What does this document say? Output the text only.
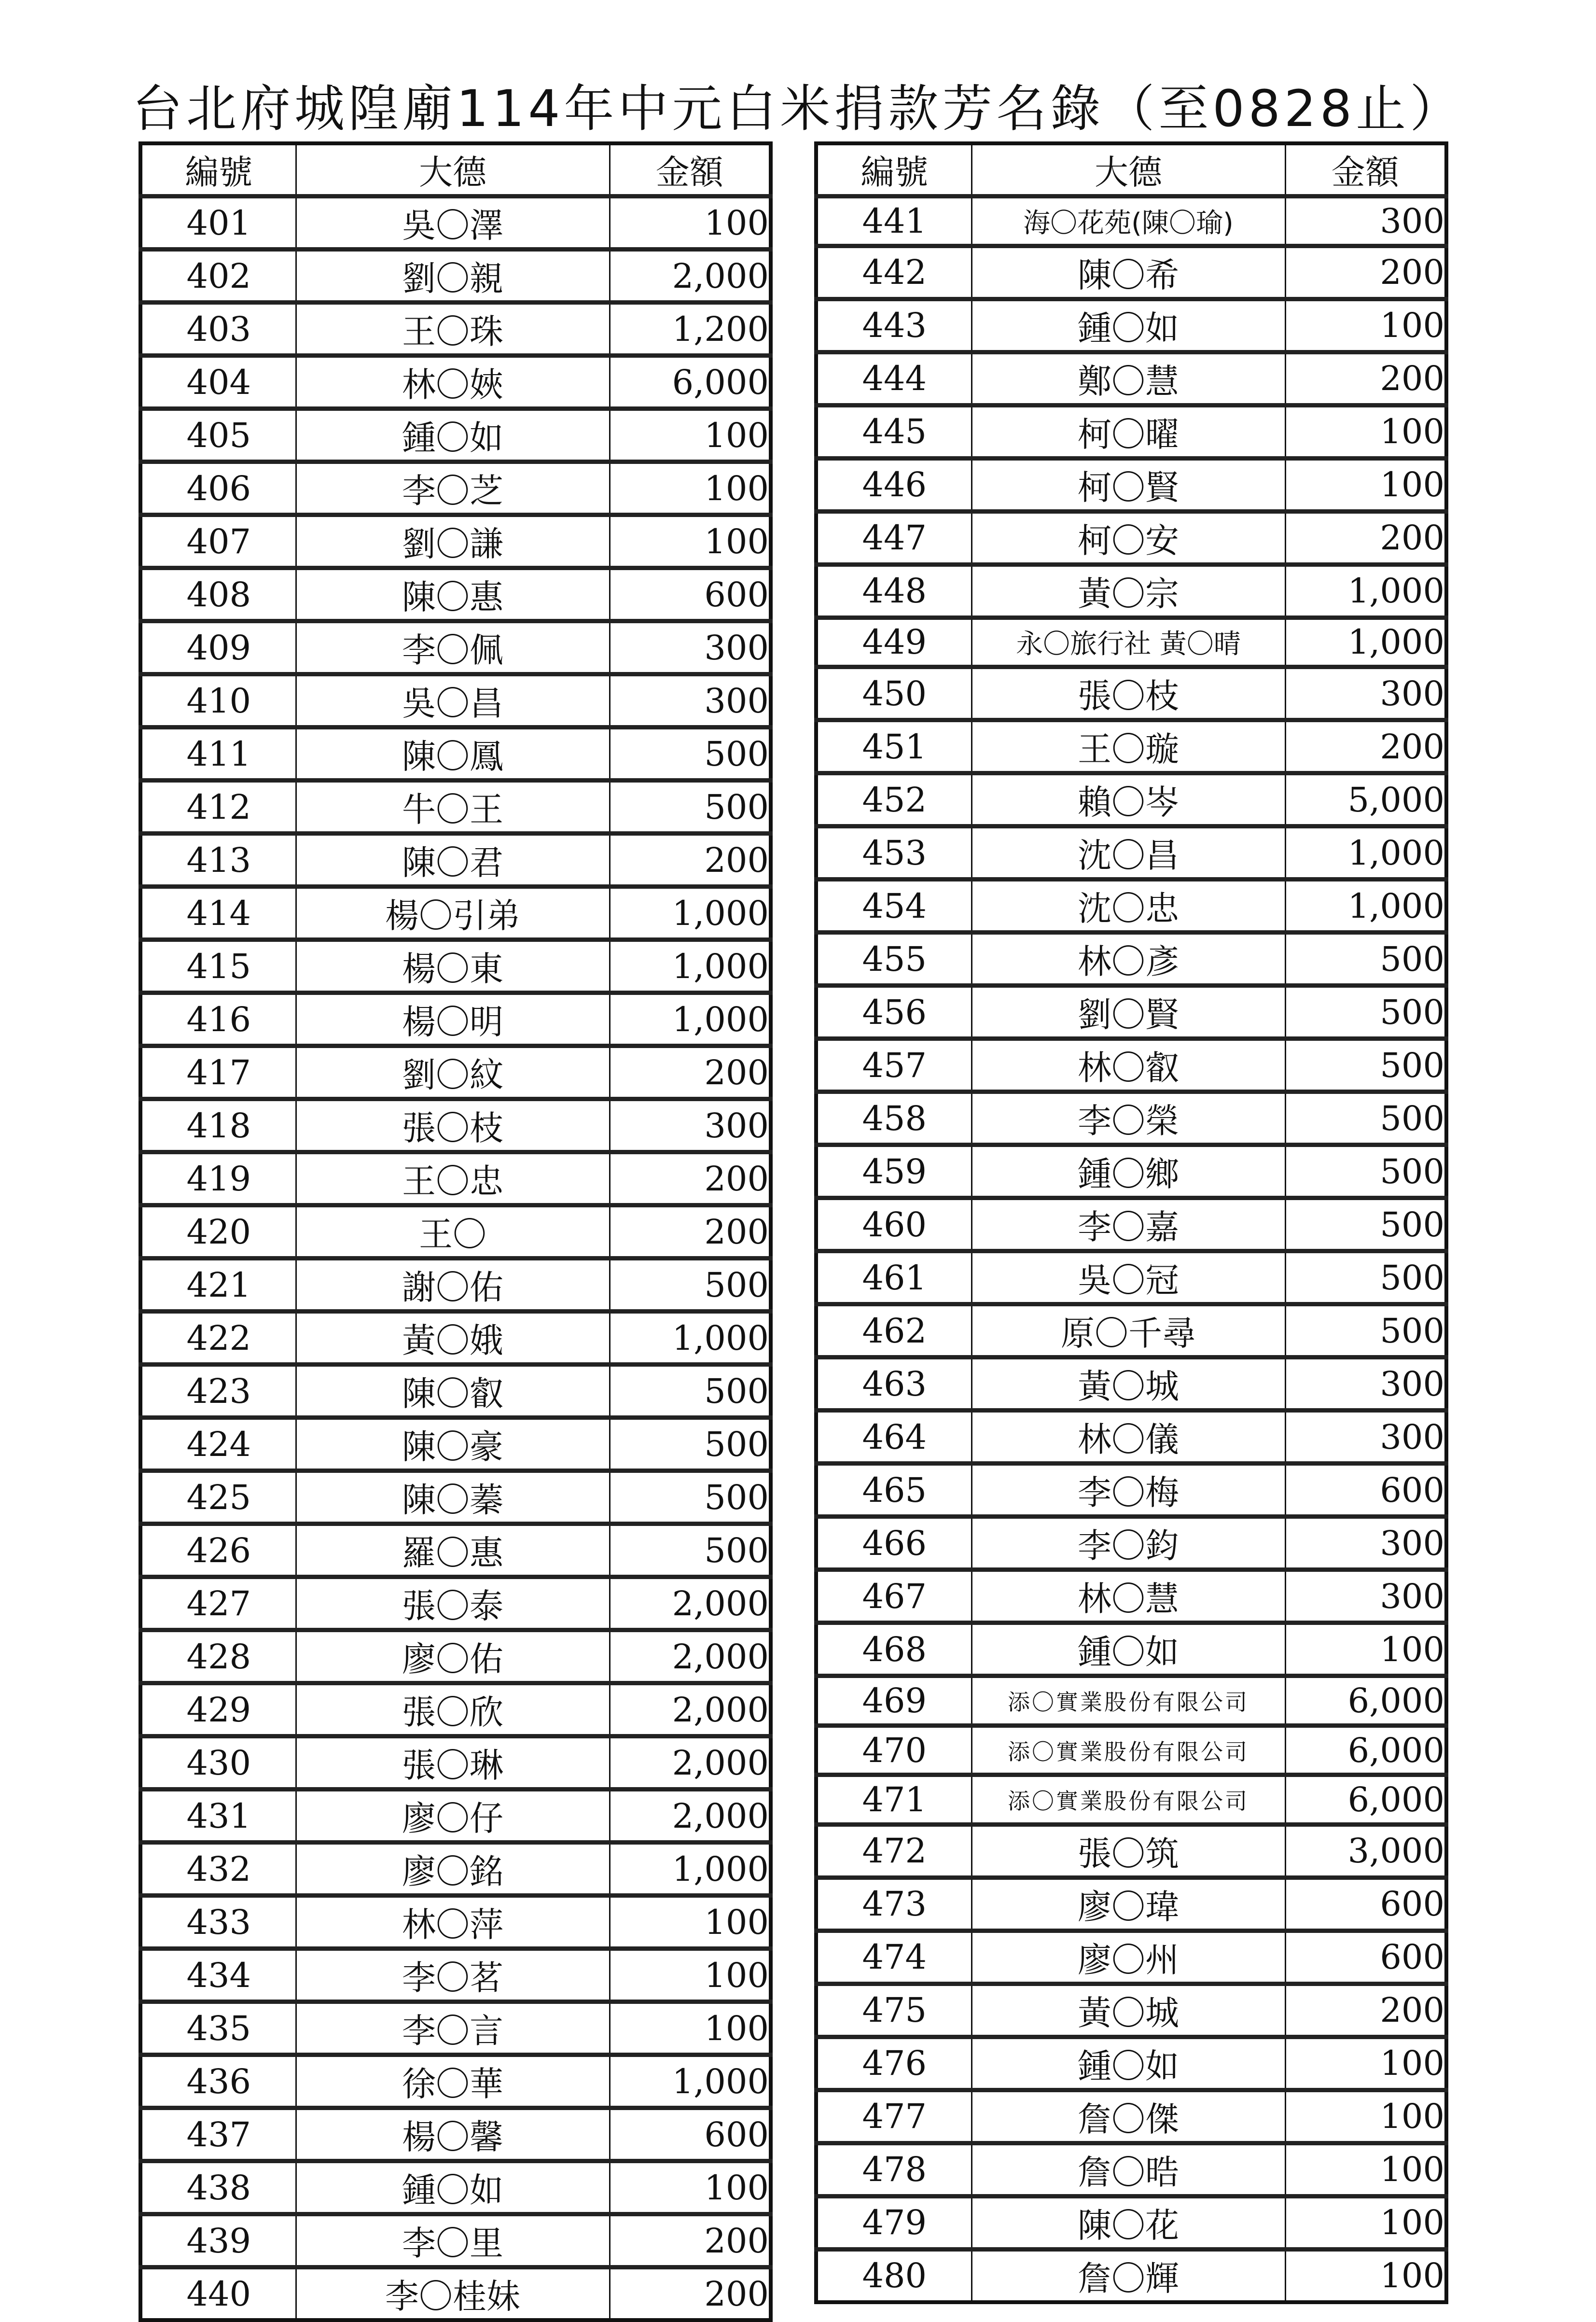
台北府城隍廟114年中元白米捐款芳名錄（至0828止）
編號	大德	金額
401	吳〇澤	100
402	劉〇親	2,000
403	王〇珠	1,200
404	林〇㛍	6,000
405	鍾〇如	100
406	李〇芝	100
407	劉〇謙	100
408	陳〇惠	600
409	李〇佩	300
410	吳〇昌	300
411	陳〇鳳	500
412	牛〇王	500
413	陳〇君	200
414	楊〇引弟	1,000
415	楊〇東	1,000
416	楊〇明	1,000
417	劉〇紋	200
418	張〇枝	300
419	王〇忠	200
420	王〇	200
421	謝〇佑	500
422	黃〇娥	1,000
423	陳〇叡	500
424	陳〇豪	500
425	陳〇蓁	500
426	羅〇惠	500
427	張〇泰	2,000
428	廖〇佑	2,000
429	張〇欣	2,000
430	張〇琳	2,000
431	廖〇仔	2,000
432	廖〇銘	1,000
433	林〇萍	100
434	李〇茗	100
435	李〇言	100
436	徐〇華	1,000
437	楊〇馨	600
438	鍾〇如	100
439	李〇里	200
440	李〇桂妹	200
編號	大德	金額
441	海〇花苑(陳〇瑜)	300
442	陳〇希	200
443	鍾〇如	100
444	鄭〇慧	200
445	柯〇曜	100
446	柯〇賢	100
447	柯〇安	200
448	黃〇宗	1,000
449	永〇旅行社 黃〇晴	1,000
450	張〇枝	300
451	王〇璇	200
452	賴〇岑	5,000
453	沈〇昌	1,000
454	沈〇忠	1,000
455	林〇彥	500
456	劉〇賢	500
457	林〇叡	500
458	李〇榮	500
459	鍾〇鄉	500
460	李〇嘉	500
461	吳〇冠	500
462	原〇千尋	500
463	黃〇城	300
464	林〇儀	300
465	李〇梅	600
466	李〇鈞	300
467	林〇慧	300
468	鍾〇如	100
469	添〇實業股份有限公司	6,000
470	添〇實業股份有限公司	6,000
471	添〇實業股份有限公司	6,000
472	張〇筑	3,000
473	廖〇瑋	600
474	廖〇州	600
475	黃〇城	200
476	鍾〇如	100
477	詹〇傑	100
478	詹〇晧	100
479	陳〇花	100
480	詹〇輝	100
